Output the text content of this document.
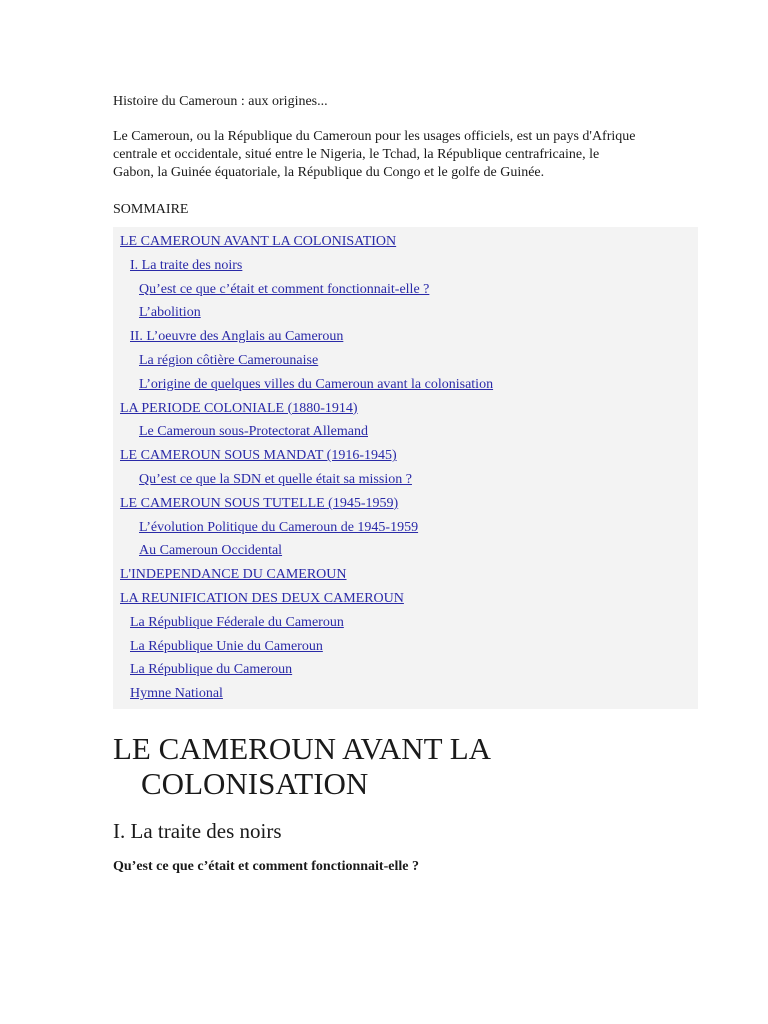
Histoire du Cameroun : aux origines...

Le Cameroun, ou la République du Cameroun pour les usages officiels, est un pays d'Afrique centrale et occidentale, situé entre le Nigeria, le Tchad, la République centrafricaine, le Gabon, la Guinée équatoriale, la République du Congo et le golfe de Guinée.

SOMMAIRE

LE CAMEROUN AVANT LA COLONISATION
I. La traite des noirs
Qu’est ce que c’était et comment fonctionnait-elle ?
L’abolition
II. L’oeuvre des Anglais au Cameroun
La région côtière Camerounaise
L’origine de quelques villes du Cameroun avant la colonisation
LA PERIODE COLONIALE (1880-1914)
Le Cameroun sous-Protectorat Allemand
LE CAMEROUN SOUS MANDAT (1916-1945)
Qu’est ce que la SDN et quelle était sa mission ?
LE CAMEROUN SOUS TUTELLE (1945-1959)
L’évolution Politique du Cameroun de 1945-1959
Au Cameroun Occidental
L'INDEPENDANCE DU CAMEROUN
LA REUNIFICATION DES DEUX CAMEROUN
La République Féderale du Cameroun
La République Unie du Cameroun
La République du Cameroun
Hymne National
LE CAMEROUN AVANT LA COLONISATION
I. La traite des noirs
Qu’est ce que c’était et comment fonctionnait-elle ?
